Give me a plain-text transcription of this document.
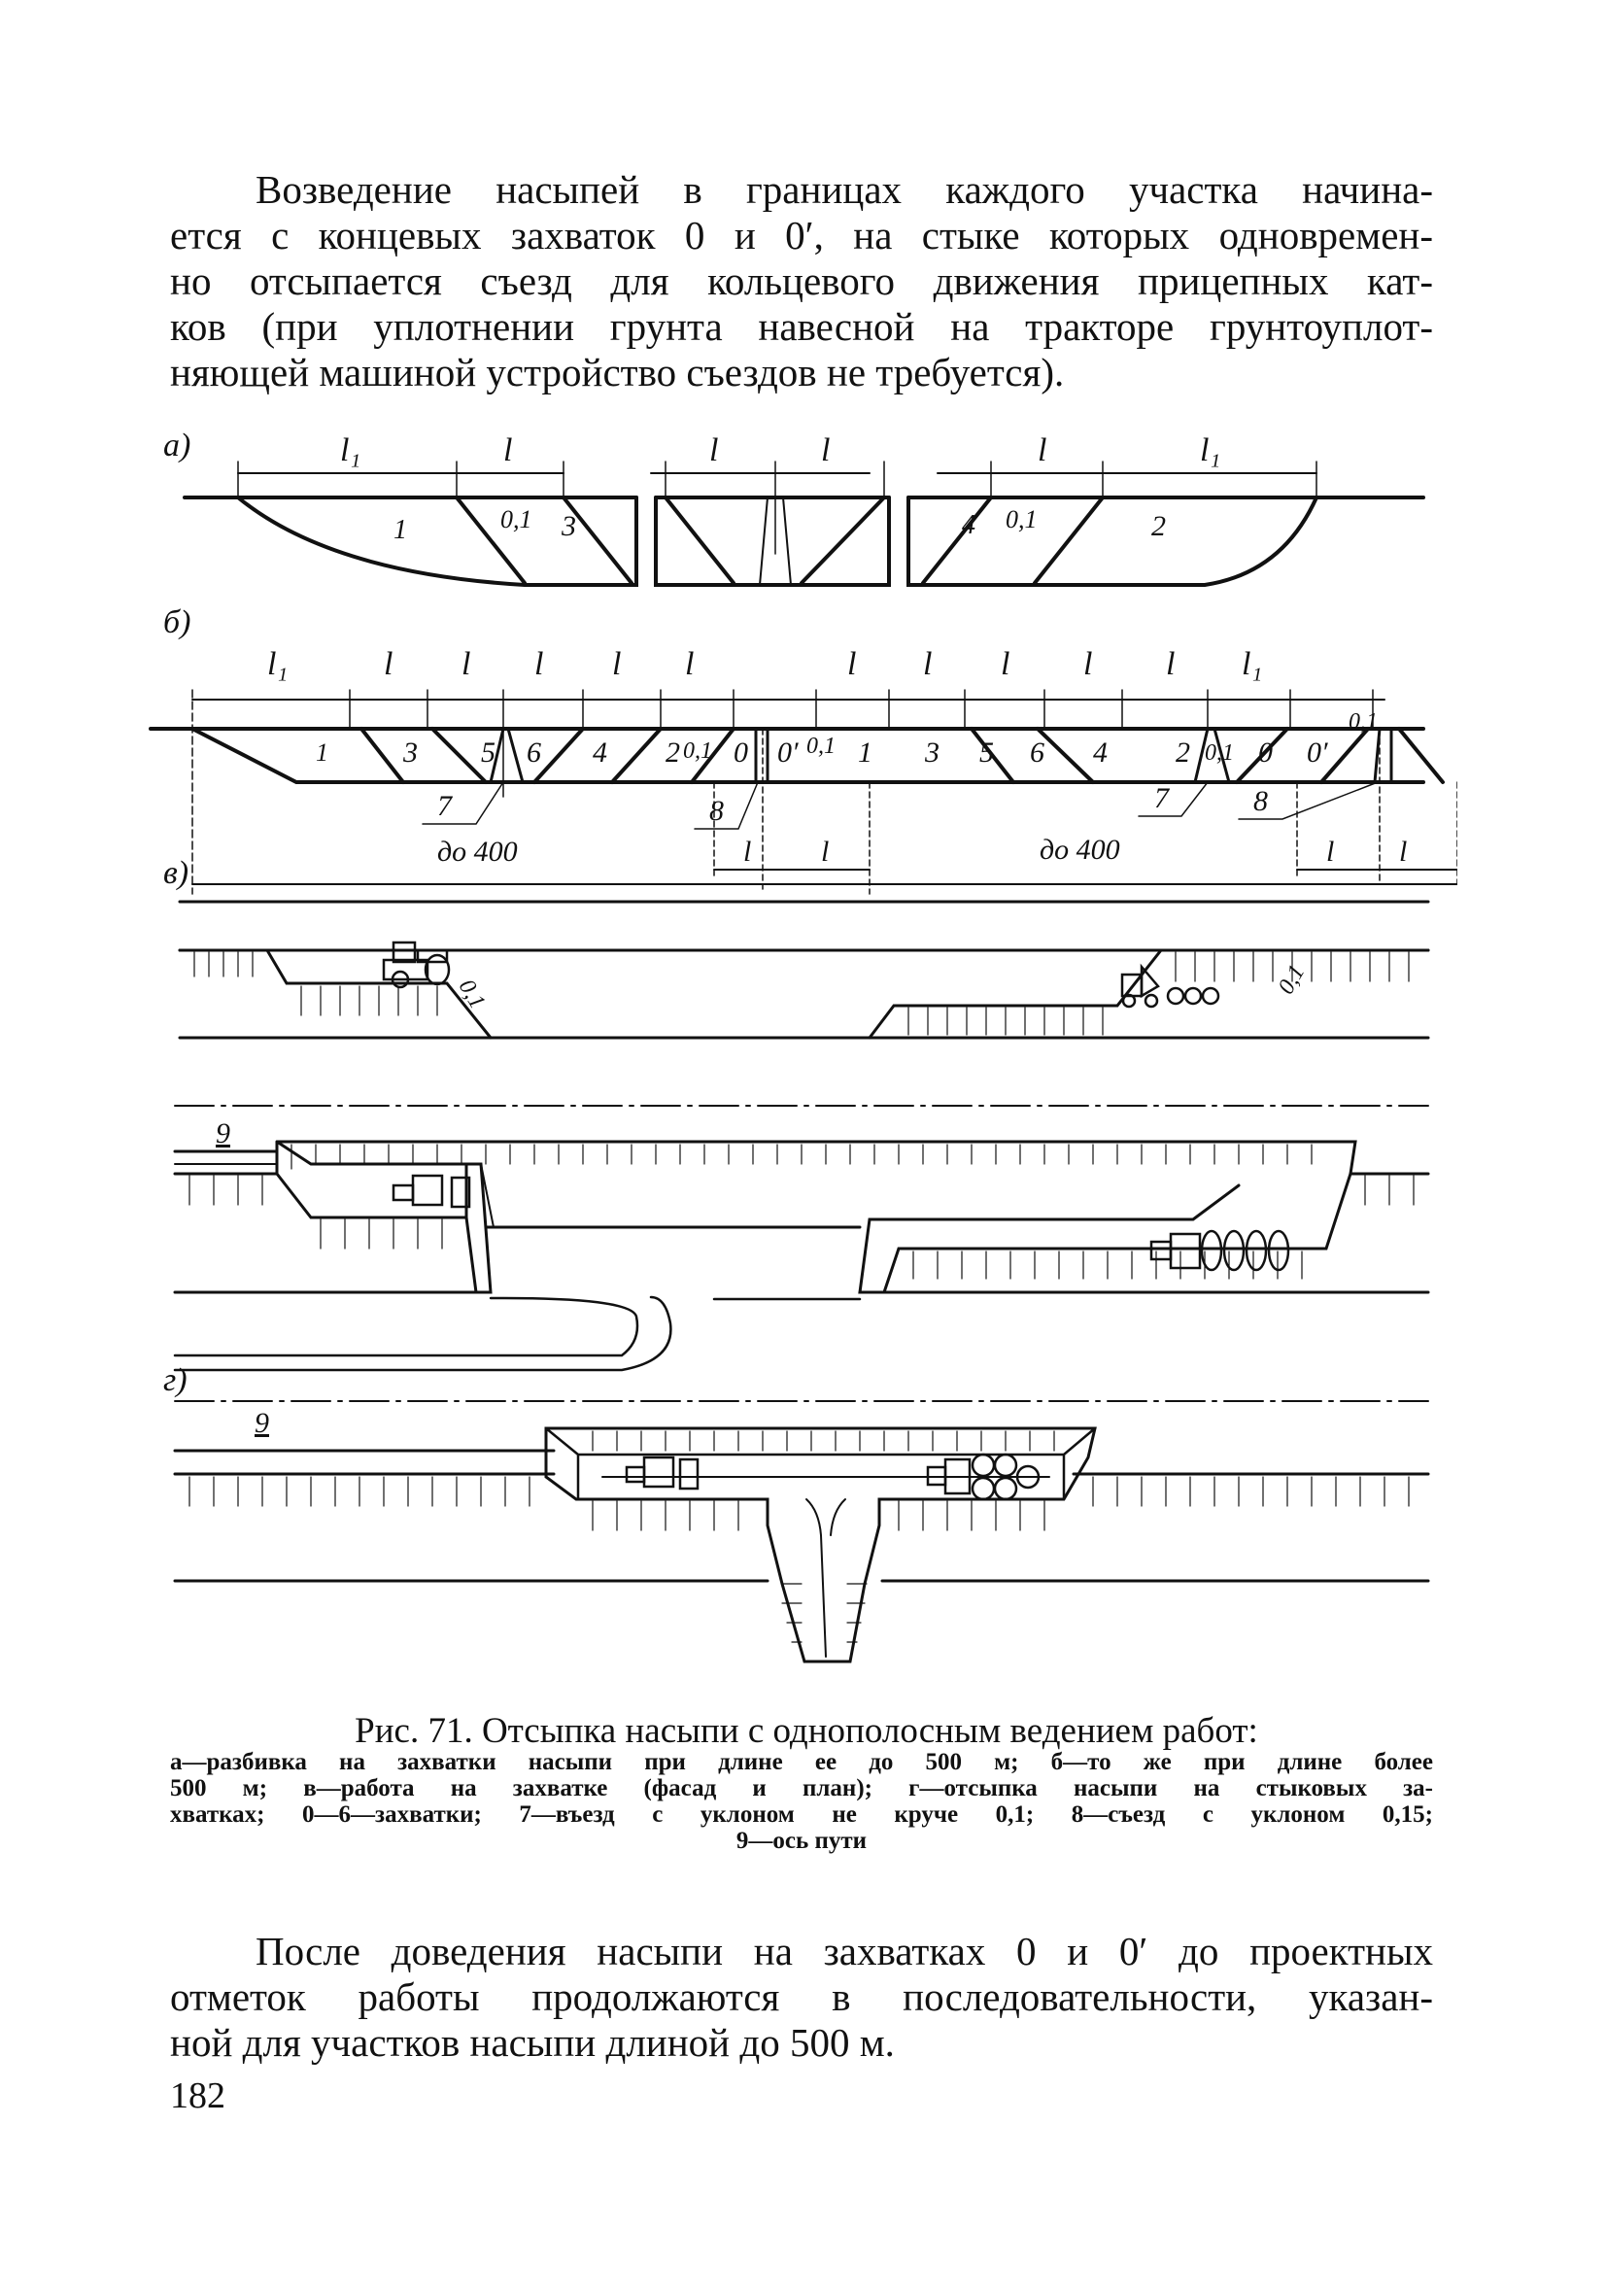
Возведение насыпей в границах каждого участка начина-
ется с концевых захваток 0 и 0′, на стыке которых одновремен-
но отсыпается съезд для кольцевого движения прицепных кат-
ков (при уплотнении грунта навесной на тракторе грунтоуплот-
няющей машиной устройство съездов не требуется).
а)
б)
в)
г)
l₁	l	l	l	l	l₁
1	0,1 3	4 0,1	2
l₁	l l l l l	l l l l l l₁
1	3 5 6 4 2 0,1 0 0′ 0,1 1 3 5 6 4 2 0,1 0 0′
0,1
7	8	7	8
до 400	l l	до 400	l l
0,1	0,1
9
9
Рис. 71. Отсыпка насыпи с однополосным ведением работ:
а—разбивка на захватки насыпи при длине ее до 500 м; б—то же при длине более
500 м; в—работа на захватке (фасад и план); г—отсыпка насыпи на стыковых за-
хватках; 0—6—захватки; 7—въезд с уклоном не круче 0,1; 8—съезд с уклоном 0,15;
9—ось пути
После доведения насыпи на захватках 0 и 0′ до проектных
отметок работы продолжаются в последовательности, указан-
ной для участков насыпи длиной до 500 м.
182
